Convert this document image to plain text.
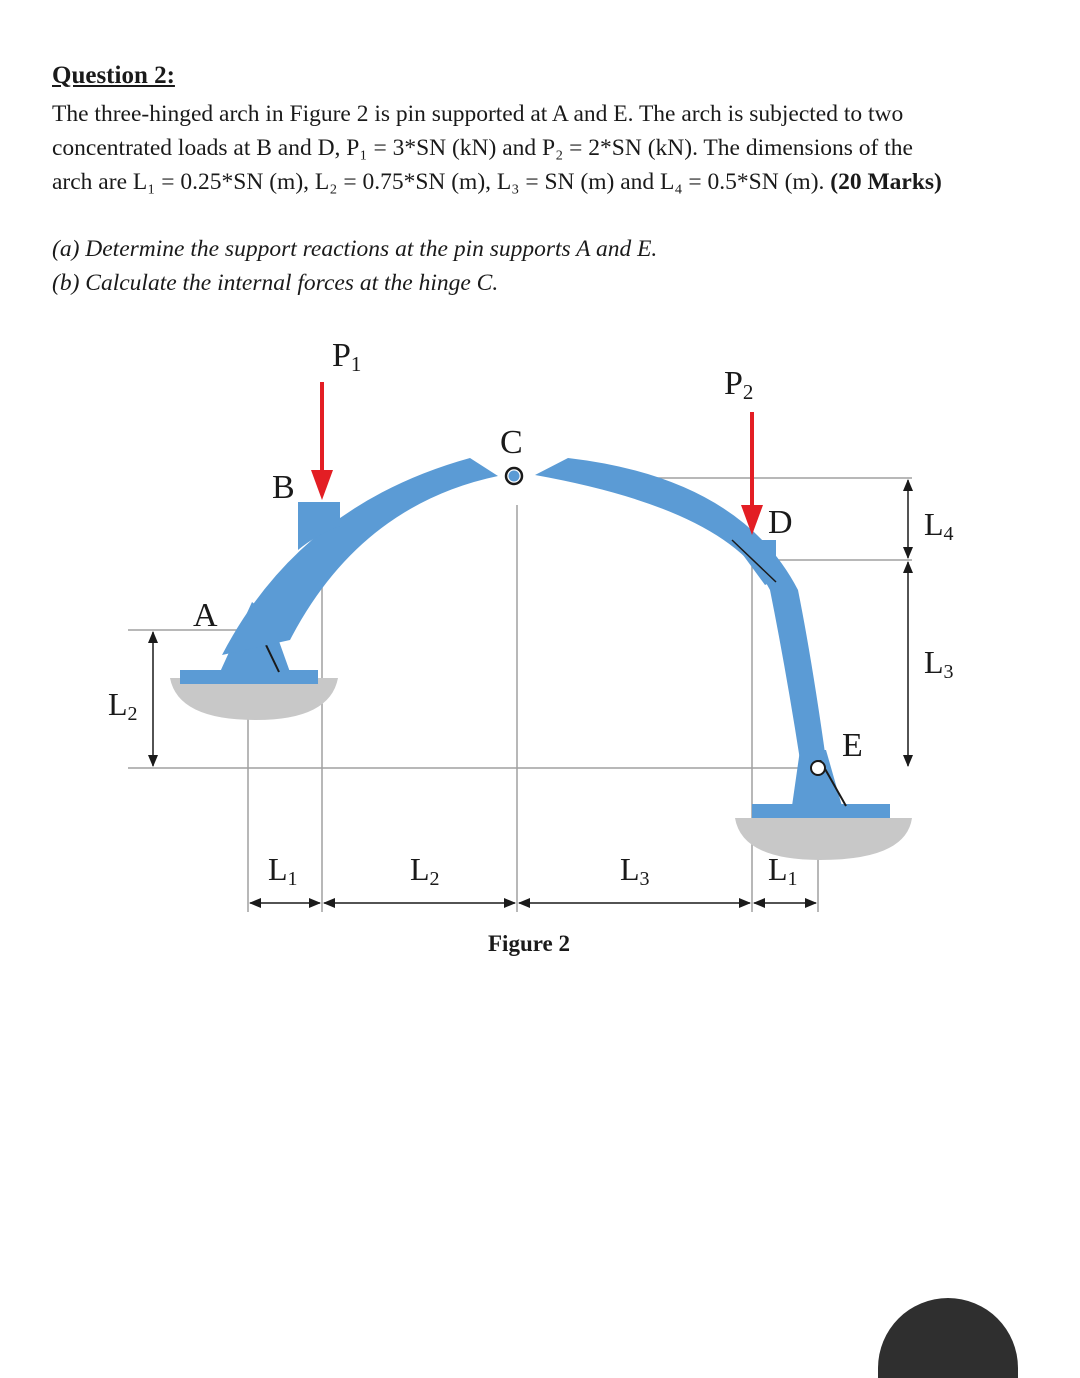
Question 2:

The three-hinged arch in Figure 2 is pin supported at A and E. The arch is subjected to two

concentrated loads at B and D, P₁ = 3*SN (kN) and P₂ = 2*SN (kN). The dimensions of the

arch are L₁ = 0.25*SN (m), L₂ = 0.75*SN (m), L₃ = SN (m) and L₄ = 0.5*SN (m). (20 Marks)

(a) Determine the support reactions at the pin supports A and E.

(b) Calculate the internal forces at the hinge C.

A
B
C
D
E
P1
P2
L2
L4
L3
L1	L2	L3	L1
Figure 2
